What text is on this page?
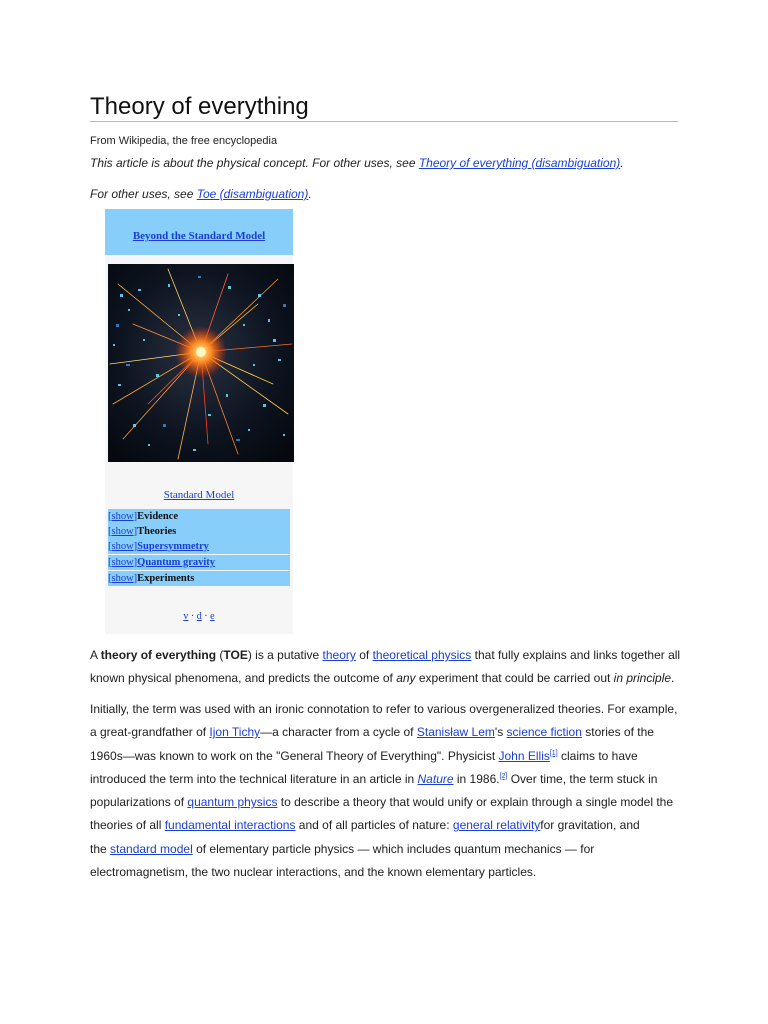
Theory of everything
From Wikipedia, the free encyclopedia
This article is about the physical concept. For other uses, see Theory of everything (disambiguation).
For other uses, see Toe (disambiguation).
Beyond the Standard Model
Standard Model
[show]Evidence
[show]Theories
[show]Supersymmetry
[show]Quantum gravity
[show]Experiments
v · d · e
A theory of everything (TOE) is a putative theory of theoretical physics that fully explains and links together all
known physical phenomena, and predicts the outcome of any experiment that could be carried out in principle.
Initially, the term was used with an ironic connotation to refer to various overgeneralized theories. For example,
a great-grandfather of Ijon Tichy—a character from a cycle of Stanisław Lem's science fiction stories of the
1960s—was known to work on the "General Theory of Everything". Physicist John Ellis[1] claims to have
introduced the term into the technical literature in an article in Nature in 1986.[2] Over time, the term stuck in
popularizations of quantum physics to describe a theory that would unify or explain through a single model the
theories of all fundamental interactions and of all particles of nature: general relativityfor gravitation, and
the standard model of elementary particle physics — which includes quantum mechanics — for
electromagnetism, the two nuclear interactions, and the known elementary particles.
